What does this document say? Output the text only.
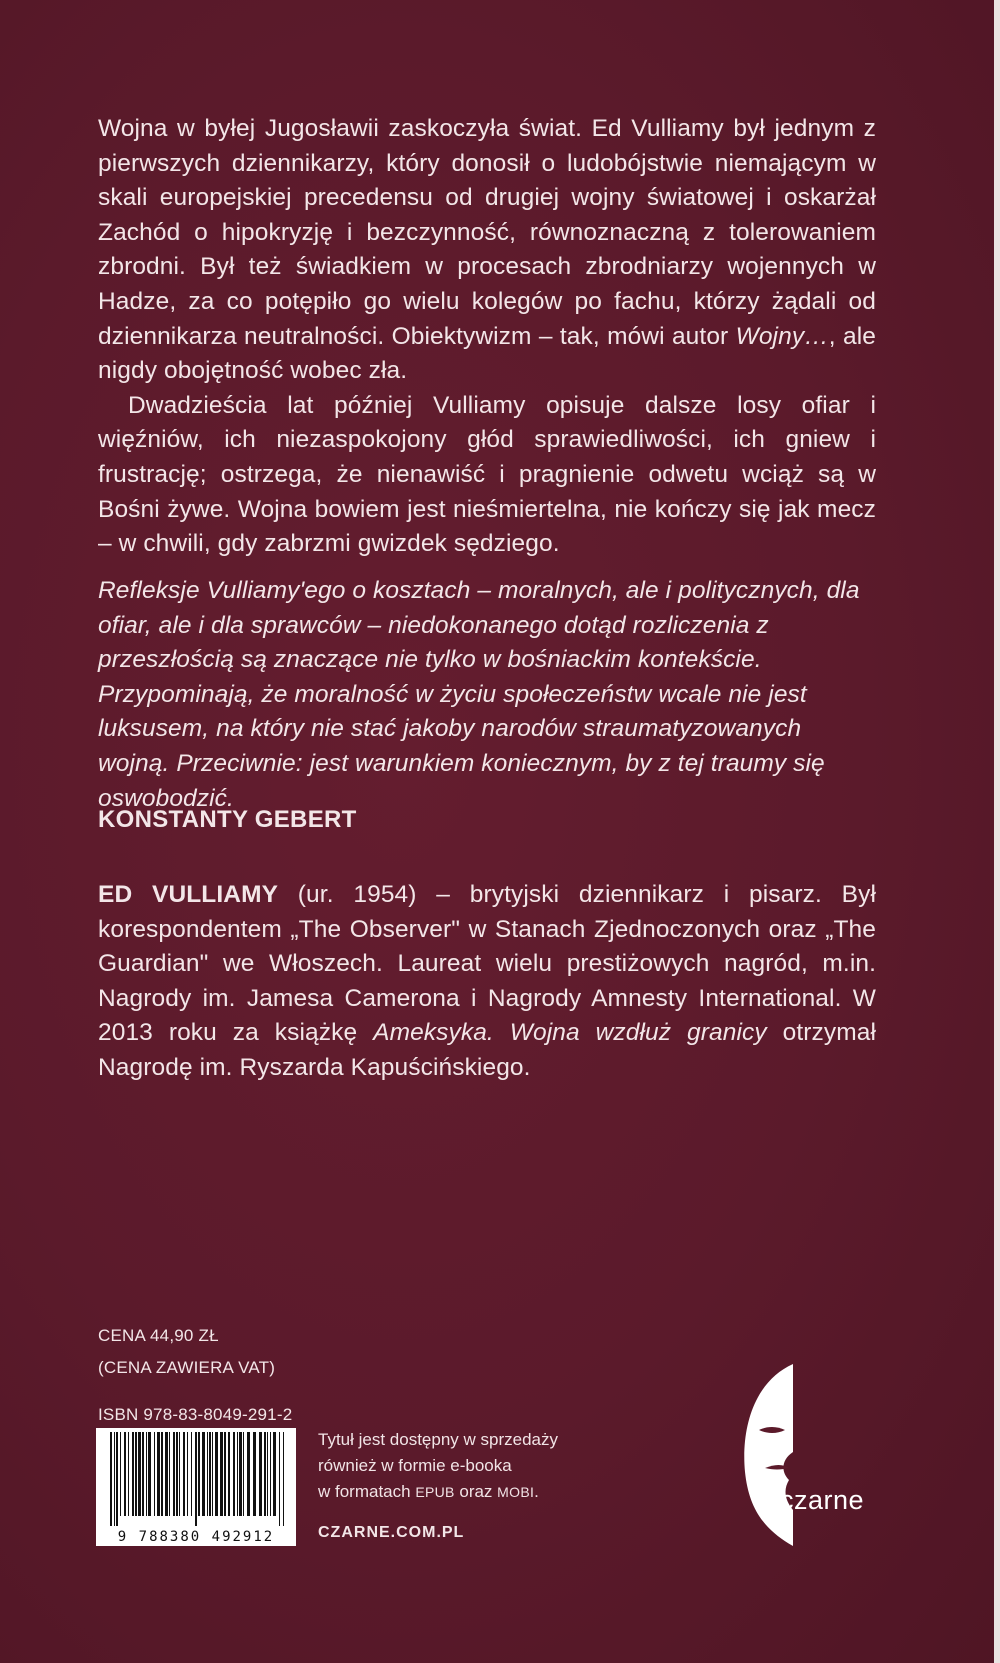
Wojna w byłej Jugosławii zaskoczyła świat. Ed Vulliamy był jednym z pierwszych dziennikarzy, który donosił o ludobójstwie niemającym w skali europejskiej precedensu od drugiej wojny światowej i oskarżał Zachód o hipokryzję i bezczynność, równoznaczną z tolerowaniem zbrodni. Był też świadkiem w procesach zbrodniarzy wojennych w Hadze, za co potępiło go wielu kolegów po fachu, którzy żądali od dziennikarza neutralności. Obiektywizm – tak, mówi autor Wojny…, ale nigdy obojętność wobec zła.

Dwadzieścia lat później Vulliamy opisuje dalsze losy ofiar i więźniów, ich niezaspokojony głód sprawiedliwości, ich gniew i frustrację; ostrzega, że nienawiść i pragnienie odwetu wciąż są w Bośni żywe. Wojna bowiem jest nieśmiertelna, nie kończy się jak mecz – w chwili, gdy zabrzmi gwizdek sędziego.

Refleksje Vulliamy'ego o kosztach – moralnych, ale i politycznych, dla ofiar, ale i dla sprawców – niedokonanego dotąd rozliczenia z przeszłością są znaczące nie tylko w bośniackim kontekście. Przypominają, że moralność w życiu społeczeństw wcale nie jest luksusem, na który nie stać jakoby narodów straumatyzowanych wojną. Przeciwnie: jest warunkiem koniecznym, by z tej traumy się oswobodzić.

KONSTANTY GEBERT

ED VULLIAMY (ur. 1954) – brytyjski dziennikarz i pisarz. Był korespondentem „The Observer" w Stanach Zjednoczonych oraz „The Guardian" we Włoszech. Laureat wielu prestiżowych nagród, m.in. Nagrody im. Jamesa Camerona i Nagrody Amnesty International. W 2013 roku za książkę Ameksyka. Wojna wzdłuż granicy otrzymał Nagrodę im. Ryszarda Kapuścińskiego.

CENA 44,90 ZŁ
(CENA ZAWIERA VAT)
ISBN 978-83-8049-291-2
9 788380 492912
Tytuł jest dostępny w sprzedaży
również w formie e-booka
w formatach EPUB oraz MOBI.
CZARNE.COM.PL
czarne
